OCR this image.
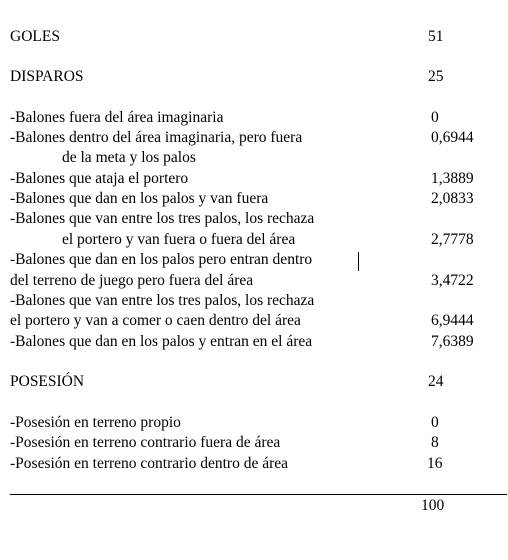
GOLES	51
DISPAROS	25
-Balones fuera del área imaginaria	0
-Balones dentro del área imaginaria, pero fuera	0,6944
de la meta y los palos
-Balones que ataja el portero	1,3889
-Balones que dan en los palos y van fuera	2,0833
-Balones que van entre los tres palos, los rechaza
el portero y van fuera o fuera del área	2,7778
-Balones que dan en los palos pero entran dentro
del terreno de juego pero fuera del área	3,4722
-Balones que van entre los tres palos, los rechaza
el portero y van a comer o caen dentro del área	6,9444
-Balones que dan en los palos y entran en el área	7,6389
POSESIÓN	24
-Posesión en terreno propio	0
-Posesión en terreno contrario fuera de área	8
-Posesión en terreno contrario dentro de área	16
100
